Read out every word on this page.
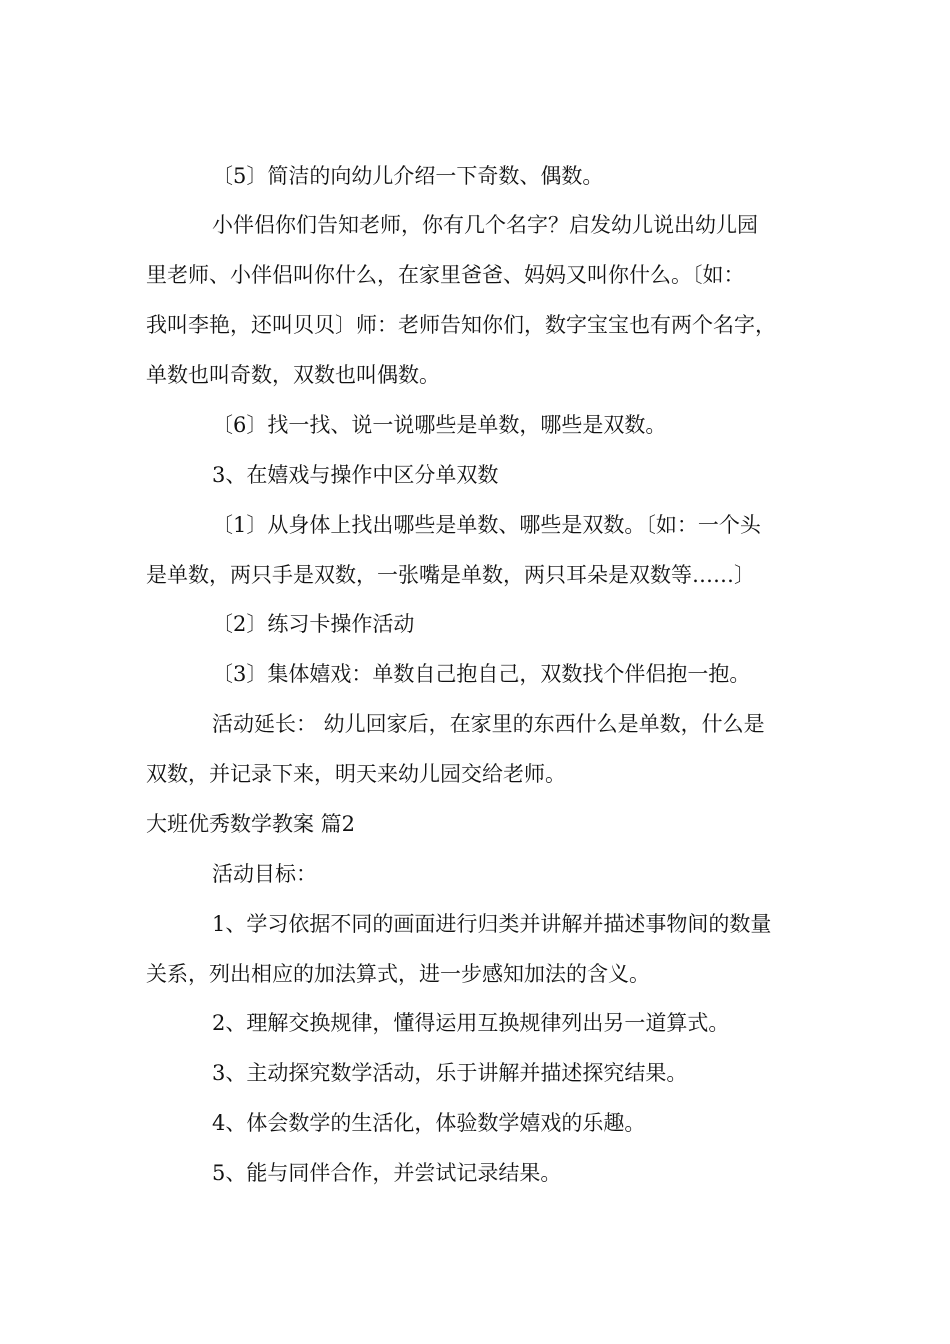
〔5〕简洁的向幼儿介绍一下奇数、偶数。
小伴侣你们告知老师，你有几个名字？启发幼儿说出幼儿园
里老师、小伴侣叫你什么，在家里爸爸、妈妈又叫你什么。〔如：
我叫李艳，还叫贝贝〕师：老师告知你们，数字宝宝也有两个名字，
单数也叫奇数，双数也叫偶数。
〔6〕找一找、说一说哪些是单数，哪些是双数。
3、在嬉戏与操作中区分单双数
〔1〕从身体上找出哪些是单数、哪些是双数。〔如：一个头
是单数，两只手是双数，一张嘴是单数，两只耳朵是双数等……〕
〔2〕练习卡操作活动
〔3〕集体嬉戏：单数自己抱自己，双数找个伴侣抱一抱。
活动延长： 幼儿回家后，在家里的东西什么是单数，什么是
双数，并记录下来，明天来幼儿园交给老师。
大班优秀数学教案 篇2
活动目标：
1、学习依据不同的画面进行归类并讲解并描述事物间的数量
关系，列出相应的加法算式，进一步感知加法的含义。
2、理解交换规律，懂得运用互换规律列出另一道算式。
3、主动探究数学活动，乐于讲解并描述探究结果。
4、体会数学的生活化，体验数学嬉戏的乐趣。
5、能与同伴合作，并尝试记录结果。
